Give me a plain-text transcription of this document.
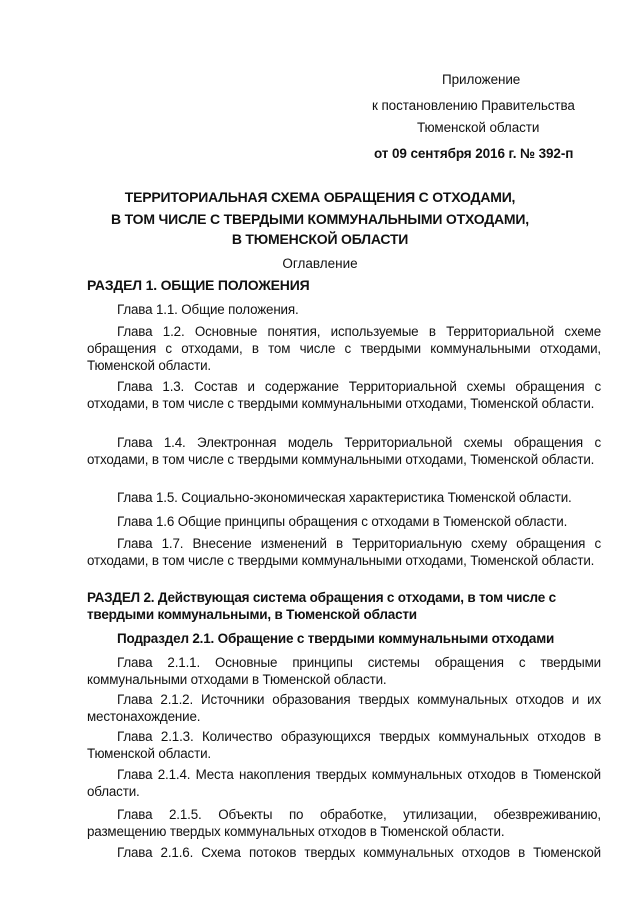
Приложение
к постановлению Правительства
Тюменской области
от 09 сентября 2016 г. № 392-п
ТЕРРИТОРИАЛЬНАЯ СХЕМА ОБРАЩЕНИЯ С ОТХОДАМИ,
В ТОМ ЧИСЛЕ С ТВЕРДЫМИ КОММУНАЛЬНЫМИ ОТХОДАМИ,
В ТЮМЕНСКОЙ ОБЛАСТИ
Оглавление
РАЗДЕЛ 1. ОБЩИЕ ПОЛОЖЕНИЯ
Глава 1.1. Общие положения.
Глава 1.2. Основные понятия, используемые в Территориальной схеме обращения с отходами, в том числе с твердыми коммунальными отходами, Тюменской области.
Глава 1.3. Состав и содержание Территориальной схемы обращения с отходами, в том числе с твердыми коммунальными отходами, Тюменской области.
Глава 1.4. Электронная модель Территориальной схемы обращения с отходами, в том числе с твердыми коммунальными отходами, Тюменской области.
Глава 1.5. Социально-экономическая характеристика Тюменской области.
Глава 1.6 Общие принципы обращения с отходами в Тюменской области.
Глава 1.7. Внесение изменений в Территориальную схему обращения с отходами, в том числе с твердыми коммунальными отходами, Тюменской области.
РАЗДЕЛ 2. Действующая система обращения с отходами, в том числе с твердыми коммунальными, в Тюменской области
Подраздел 2.1. Обращение с твердыми коммунальными отходами
Глава 2.1.1. Основные принципы системы обращения с твердыми коммунальными отходами в Тюменской области.
Глава 2.1.2. Источники образования твердых коммунальных отходов и их местонахождение.
Глава 2.1.3. Количество образующихся твердых коммунальных отходов в Тюменской области.
Глава 2.1.4. Места накопления твердых коммунальных отходов в Тюменской области.
Глава 2.1.5. Объекты по обработке, утилизации, обезвреживанию, размещению твердых коммунальных отходов в Тюменской области.
Глава 2.1.6. Схема потоков твердых коммунальных отходов в Тюменской
